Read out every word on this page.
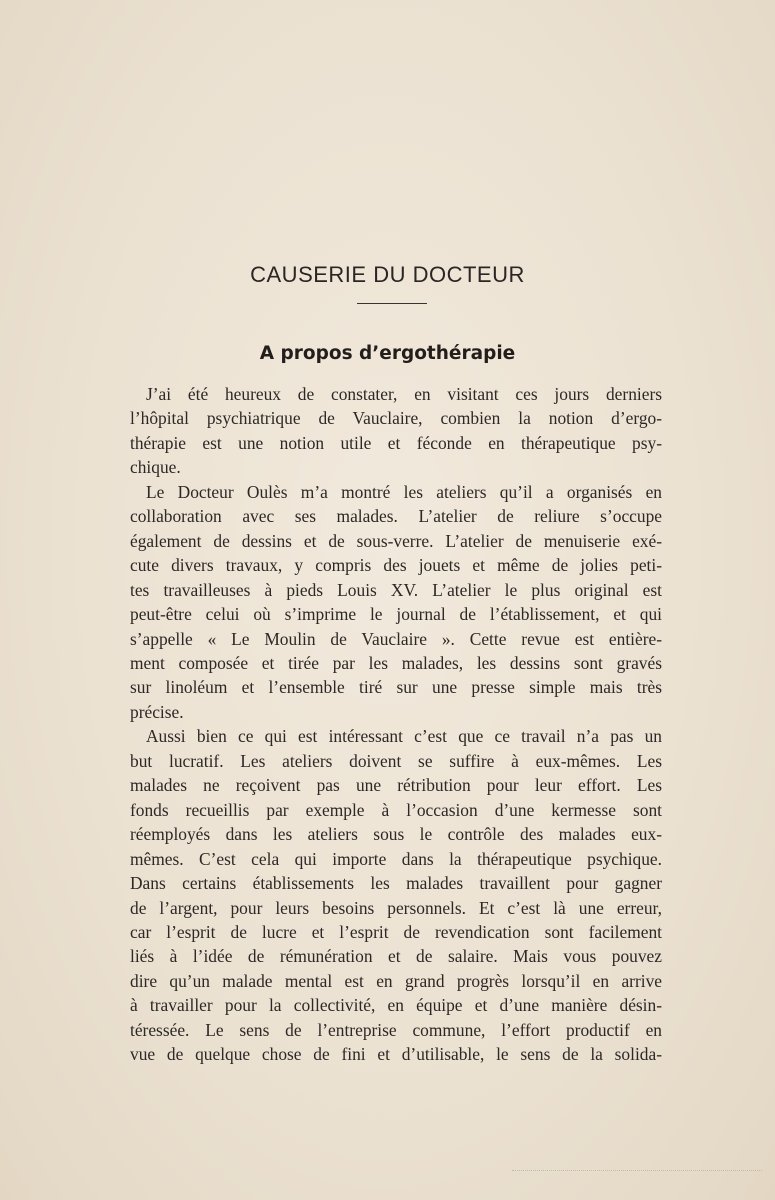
CAUSERIE DU DOCTEUR
A propos d’ergothérapie

J’ai été heureux de constater, en visitant ces jours derniers
l’hôpital psychiatrique de Vauclaire, combien la notion d’ergo-
thérapie est une notion utile et féconde en thérapeutique psy-
chique.

Le Docteur Oulès m’a montré les ateliers qu’il a organisés en
collaboration avec ses malades. L’atelier de reliure s’occupe
également de dessins et de sous-verre. L’atelier de menuiserie exé-
cute divers travaux, y compris des jouets et même de jolies peti-
tes travailleuses à pieds Louis XV. L’atelier le plus original est
peut-être celui où s’imprime le journal de l’établissement, et qui
s’appelle « Le Moulin de Vauclaire ». Cette revue est entière-
ment composée et tirée par les malades, les dessins sont gravés
sur linoléum et l’ensemble tiré sur une presse simple mais très
précise.

Aussi bien ce qui est intéressant c’est que ce travail n’a pas un
but lucratif. Les ateliers doivent se suffire à eux-mêmes. Les
malades ne reçoivent pas une rétribution pour leur effort. Les
fonds recueillis par exemple à l’occasion d’une kermesse sont
réemployés dans les ateliers sous le contrôle des malades eux-
mêmes. C’est cela qui importe dans la thérapeutique psychique.
Dans certains établissements les malades travaillent pour gagner
de l’argent, pour leurs besoins personnels. Et c’est là une erreur,
car l’esprit de lucre et l’esprit de revendication sont facilement
liés à l’idée de rémunération et de salaire. Mais vous pouvez
dire qu’un malade mental est en grand progrès lorsqu’il en arrive
à travailler pour la collectivité, en équipe et d’une manière désin-
téressée. Le sens de l’entreprise commune, l’effort productif en
vue de quelque chose de fini et d’utilisable, le sens de la solida-
